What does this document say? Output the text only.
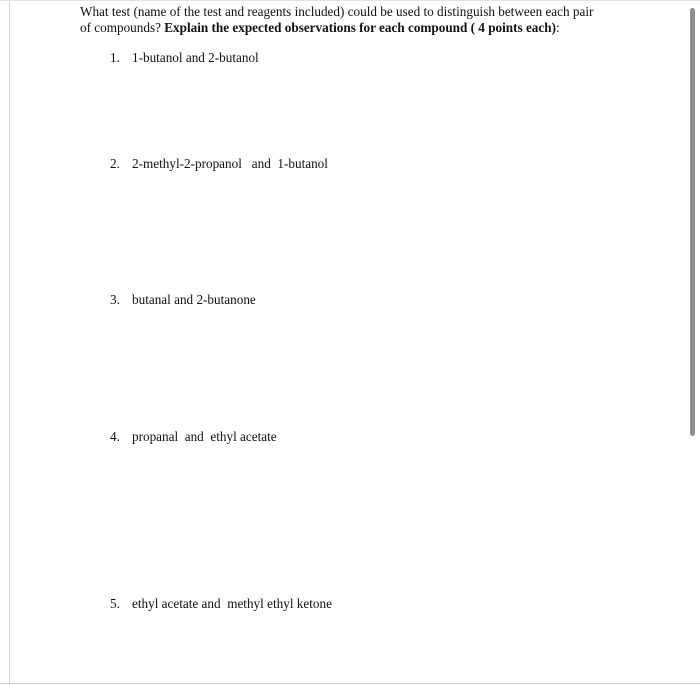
What test (name of the test and reagents included) could be used to distinguish between each pair of compounds? Explain the expected observations for each compound ( 4 points each):

1. 1-butanol and 2-butanol

2. 2-methyl-2-propanol   and  1-butanol

3. butanal and 2-butanone

4. propanal  and  ethyl acetate

5. ethyl acetate and  methyl ethyl ketone
